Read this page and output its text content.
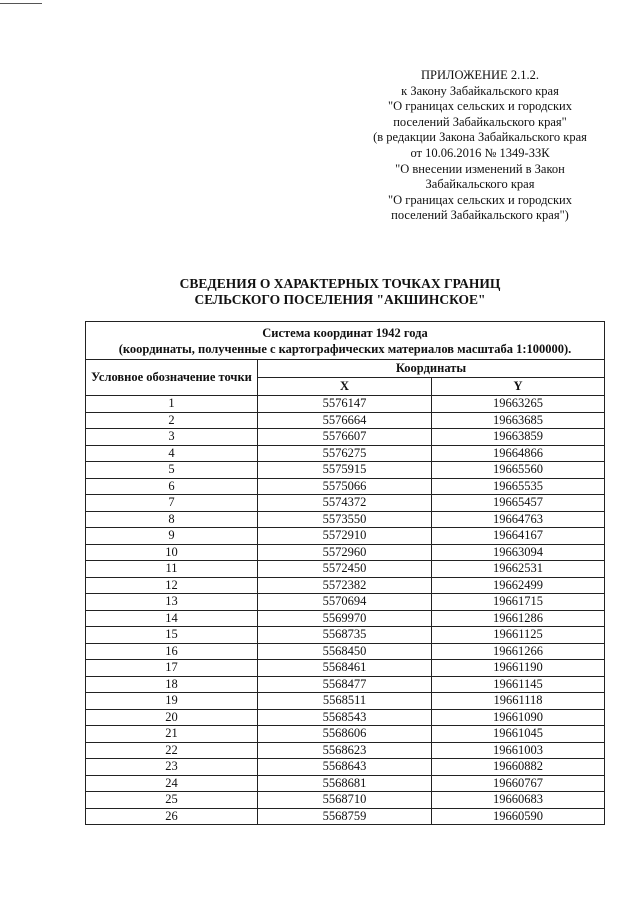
ПРИЛОЖЕНИЕ 2.1.2.
к Закону Забайкальского края
"О границах сельских и городских
поселений Забайкальского края"
(в редакции Закона Забайкальского края
от 10.06.2016 № 1349-ЗЗК
"О внесении изменений в Закон
Забайкальского края
"О границах сельских и городских
поселений Забайкальского края")
СВЕДЕНИЯ О ХАРАКТЕРНЫХ ТОЧКАХ ГРАНИЦ
СЕЛЬСКОГО ПОСЕЛЕНИЯ "АКШИНСКОЕ"
Система координат 1942 года
(координаты, полученные с картографических материалов масштаба 1:100000).		

Условное обозначение точки	Координаты	
	X	Y
1	5576147	19663265
2	5576664	19663685
3	5576607	19663859
4	5576275	19664866
5	5575915	19665560
6	5575066	19665535
7	5574372	19665457
8	5573550	19664763
9	5572910	19664167
10	5572960	19663094
11	5572450	19662531
12	5572382	19662499
13	5570694	19661715
14	5569970	19661286
15	5568735	19661125
16	5568450	19661266
17	5568461	19661190
18	5568477	19661145
19	5568511	19661118
20	5568543	19661090
21	5568606	19661045
22	5568623	19661003
23	5568643	19660882
24	5568681	19660767
25	5568710	19660683
26	5568759	19660590
